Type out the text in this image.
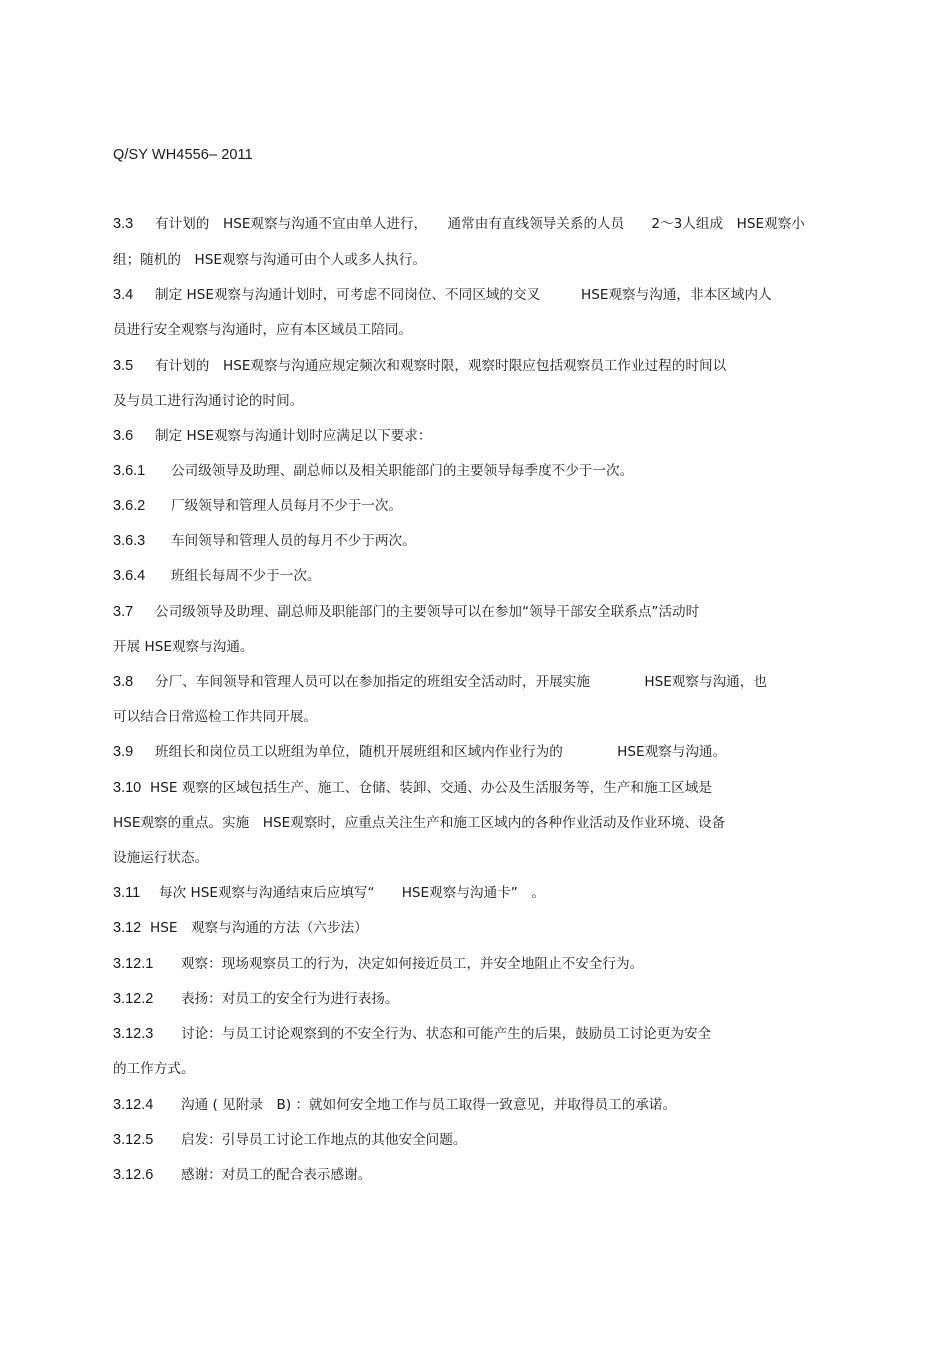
Q/SY WH4556– 2011
3.3 有计划的　HSE观察与沟通不宜由单人进行，　　通常由有直线领导关系的人员　　2～3人组成　HSE观察小
组；随机的　HSE观察与沟通可由个人或多人执行。
3.4 制定 HSE观察与沟通计划时，可考虑不同岗位、不同区域的交叉　　　HSE观察与沟通，非本区域内人
员进行安全观察与沟通时，应有本区域员工陪同。
3.5 有计划的　HSE观察与沟通应规定频次和观察时限，观察时限应包括观察员工作业过程的时间以
及与员工进行沟通讨论的时间。
3.6 制定 HSE观察与沟通计划时应满足以下要求：
3.6.1 公司级领导及助理、副总师以及相关职能部门的主要领导每季度不少于一次。
3.6.2 厂级领导和管理人员每月不少于一次。
3.6.3 车间领导和管理人员的每月不少于两次。
3.6.4 班组长每周不少于一次。
3.7 公司级领导及助理、副总师及职能部门的主要领导可以在参加“领导干部安全联系点”活动时
开展 HSE观察与沟通。
3.8 分厂、车间领导和管理人员可以在参加指定的班组安全活动时，开展实施　　　　HSE观察与沟通，也
可以结合日常巡检工作共同开展。
3.9 班组长和岗位员工以班组为单位，随机开展班组和区域内作业行为的　　　　HSE观察与沟通。
3.10 HSE 观察的区域包括生产、施工、仓储、装卸、交通、办公及生活服务等，生产和施工区域是
HSE观察的重点。实施　HSE观察时，应重点关注生产和施工区域内的各种作业活动及作业环境、设备
设施运行状态。
3.11 每次 HSE观察与沟通结束后应填写“　　HSE观察与沟通卡”　。
3.12 HSE　观察与沟通的方法（六步法）
3.12.1 观察：现场观察员工的行为，决定如何接近员工，并安全地阻止不安全行为。
3.12.2 表扬：对员工的安全行为进行表扬。
3.12.3 讨论：与员工讨论观察到的不安全行为、状态和可能产生的后果，鼓励员工讨论更为安全
的工作方式。
3.12.4 沟通 ( 见附录　B) ：就如何安全地工作与员工取得一致意见，并取得员工的承诺。
3.12.5 启发：引导员工讨论工作地点的其他安全问题。
3.12.6 感谢：对员工的配合表示感谢。
